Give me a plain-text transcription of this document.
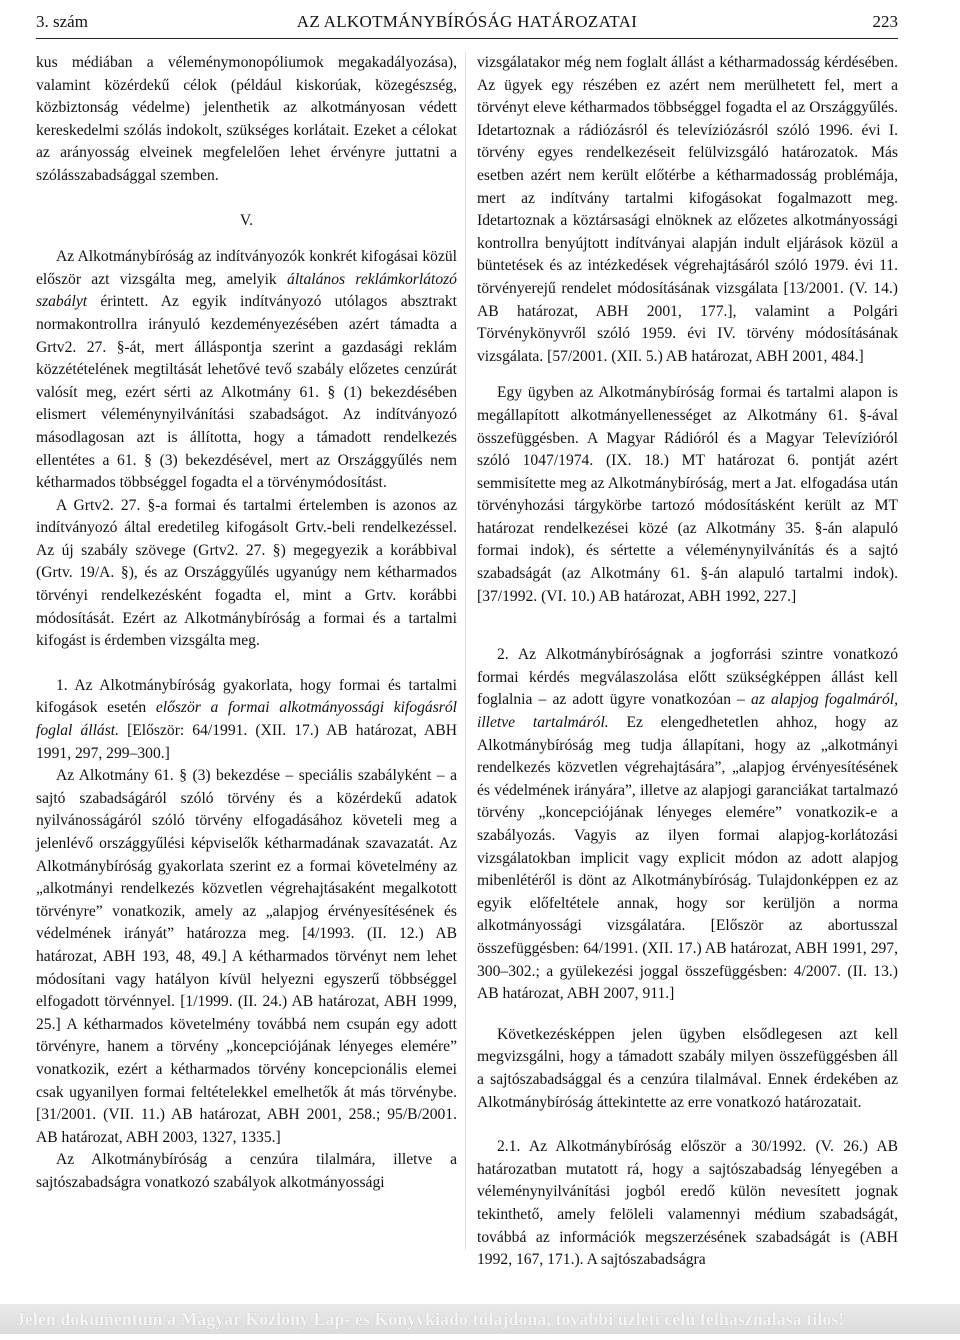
3. szám	AZ ALKOTMÁNYBÍRÓSÁG HATÁROZATAI	223

kus médiában a véleménymonopóliumok megakadályozása), valamint közérdekű célok (például kiskorúak, közegészség, közbiztonság védelme) jelenthetik az alkotmányosan védett kereskedelmi szólás indokolt, szükséges korlátait. Ezeket a célokat az arányosság elveinek megfelelően lehet érvényre juttatni a szólásszabadsággal szemben.

V.

Az Alkotmánybíróság az indítványozók konkrét kifogásai közül először azt vizsgálta meg, amelyik általános reklámkorlátozó szabályt érintett. Az egyik indítványozó utólagos absztrakt normakontrollra irányuló kezdeményezésében azért támadta a Grtv2. 27. §-át, mert álláspontja szerint a gazdasági reklám közzétételének megtiltását lehetővé tevő szabály előzetes cenzúrát valósít meg, ezért sérti az Alkotmány 61. § (1) bekezdésében elismert véleménynyilvánítási szabadságot. Az indítványozó másodlagosan azt is állította, hogy a támadott rendelkezés ellentétes a 61. § (3) bekezdésével, mert az Országgyűlés nem kétharmados többséggel fogadta el a törvénymódosítást.

A Grtv2. 27. §-a formai és tartalmi értelemben is azonos az indítványozó által eredetileg kifogásolt Grtv.-beli rendelkezéssel. Az új szabály szövege (Grtv2. 27. §) megegyezik a korábbival (Grtv. 19/A. §), és az Országgyűlés ugyanúgy nem kétharmados törvényi rendelkezésként fogadta el, mint a Grtv. korábbi módosítását. Ezért az Alkotmánybíróság a formai és a tartalmi kifogást is érdemben vizsgálta meg.

1. Az Alkotmánybíróság gyakorlata, hogy formai és tartalmi kifogások esetén először a formai alkotmányossági kifogásról foglal állást. [Először: 64/1991. (XII. 17.) AB határozat, ABH 1991, 297, 299–300.]

Az Alkotmány 61. § (3) bekezdése – speciális szabályként – a sajtó szabadságáról szóló törvény és a közérdekű adatok nyilvánosságáról szóló törvény elfogadásához követeli meg a jelenlévő országgyűlési képviselők kétharmadának szavazatát. Az Alkotmánybíróság gyakorlata szerint ez a formai követelmény az „alkotmányi rendelkezés közvetlen végrehajtásaként megalkotott törvényre” vonatkozik, amely az „alapjog érvényesítésének és védelmének irányát” határozza meg. [4/1993. (II. 12.) AB határozat, ABH 193, 48, 49.] A kétharmados törvényt nem lehet módosítani vagy hatályon kívül helyezni egyszerű többséggel elfogadott törvénnyel. [1/1999. (II. 24.) AB határozat, ABH 1999, 25.] A kétharmados követelmény továbbá nem csupán egy adott törvényre, hanem a törvény „koncepciójának lényeges elemére” vonatkozik, ezért a kétharmados törvény koncepcionális elemei csak ugyanilyen formai feltételekkel emelhetők át más törvénybe. [31/2001. (VII. 11.) AB határozat, ABH 2001, 258.; 95/B/2001. AB határozat, ABH 2003, 1327, 1335.]

Az Alkotmánybíróság a cenzúra tilalmára, illetve a sajtószabadságra vonatkozó szabályok alkotmányossági

vizsgálatakor még nem foglalt állást a kétharmadosság kérdésében. Az ügyek egy részében ez azért nem merülhetett fel, mert a törvényt eleve kétharmados többséggel fogadta el az Országgyűlés. Idetartoznak a rádiózásról és televíziózásról szóló 1996. évi I. törvény egyes rendelkezéseit felülvizsgáló határozatok. Más esetben azért nem került előtérbe a kétharmadosság problémája, mert az indítvány tartalmi kifogásokat fogalmazott meg. Idetartoznak a köztársasági elnöknek az előzetes alkotmányossági kontrollra benyújtott indítványai alapján indult eljárások közül a büntetések és az intézkedések végrehajtásáról szóló 1979. évi 11. törvényerejű rendelet módosításának vizsgálata [13/2001. (V. 14.) AB határozat, ABH 2001, 177.], valamint a Polgári Törvénykönyvről szóló 1959. évi IV. törvény módosításának vizsgálata. [57/2001. (XII. 5.) AB határozat, ABH 2001, 484.]

Egy ügyben az Alkotmánybíróság formai és tartalmi alapon is megállapított alkotmányellenességet az Alkotmány 61. §-ával összefüggésben. A Magyar Rádióról és a Magyar Televízióról szóló 1047/1974. (IX. 18.) MT határozat 6. pontját azért semmisítette meg az Alkotmánybíróság, mert a Jat. elfogadása után törvényhozási tárgykörbe tartozó módosításként került az MT határozat rendelkezései közé (az Alkotmány 35. §-án alapuló formai indok), és sértette a véleménynyilvánítás és a sajtó szabadságát (az Alkotmány 61. §-án alapuló tartalmi indok). [37/1992. (VI. 10.) AB határozat, ABH 1992, 227.]

2. Az Alkotmánybíróságnak a jogforrási szintre vonatkozó formai kérdés megválaszolása előtt szükségképpen állást kell foglalnia – az adott ügyre vonatkozóan – az alapjog fogalmáról, illetve tartalmáról. Ez elengedhetetlen ahhoz, hogy az Alkotmánybíróság meg tudja állapítani, hogy az „alkotmányi rendelkezés közvetlen végrehajtására”, „alapjog érvényesítésének és védelmének irányára”, illetve az alapjogi garanciákat tartalmazó törvény „koncepciójának lényeges elemére” vonatkozik-e a szabályozás. Vagyis az ilyen formai alapjog-korlátozási vizsgálatokban implicit vagy explicit módon az adott alapjog mibenlétéről is dönt az Alkotmánybíróság. Tulajdonképpen ez az egyik előfeltétele annak, hogy sor kerüljön a norma alkotmányossági vizsgálatára. [Először az abortusszal összefüggésben: 64/1991. (XII. 17.) AB határozat, ABH 1991, 297, 300–302.; a gyülekezési joggal összefüggésben: 4/2007. (II. 13.) AB határozat, ABH 2007, 911.]

Következésképpen jelen ügyben elsődlegesen azt kell megvizsgálni, hogy a támadott szabály milyen összefüggésben áll a sajtószabadsággal és a cenzúra tilalmával. Ennek érdekében az Alkotmánybíróság áttekintette az erre vonatkozó határozatait.

2.1. Az Alkotmánybíróság először a 30/1992. (V. 26.) AB határozatban mutatott rá, hogy a sajtószabadság lényegében a véleménynyilvánítási jogból eredő külön nevesített jognak tekinthető, amely felöleli valamennyi médium szabadságát, továbbá az információk megszerzésének szabadságát is (ABH 1992, 167, 171.). A sajtószabadságra

Jelen dokumentum a Magyar Közlöny Lap- és Könyvkiadó tulajdona, további üzleti célú felhasználása tilos!
